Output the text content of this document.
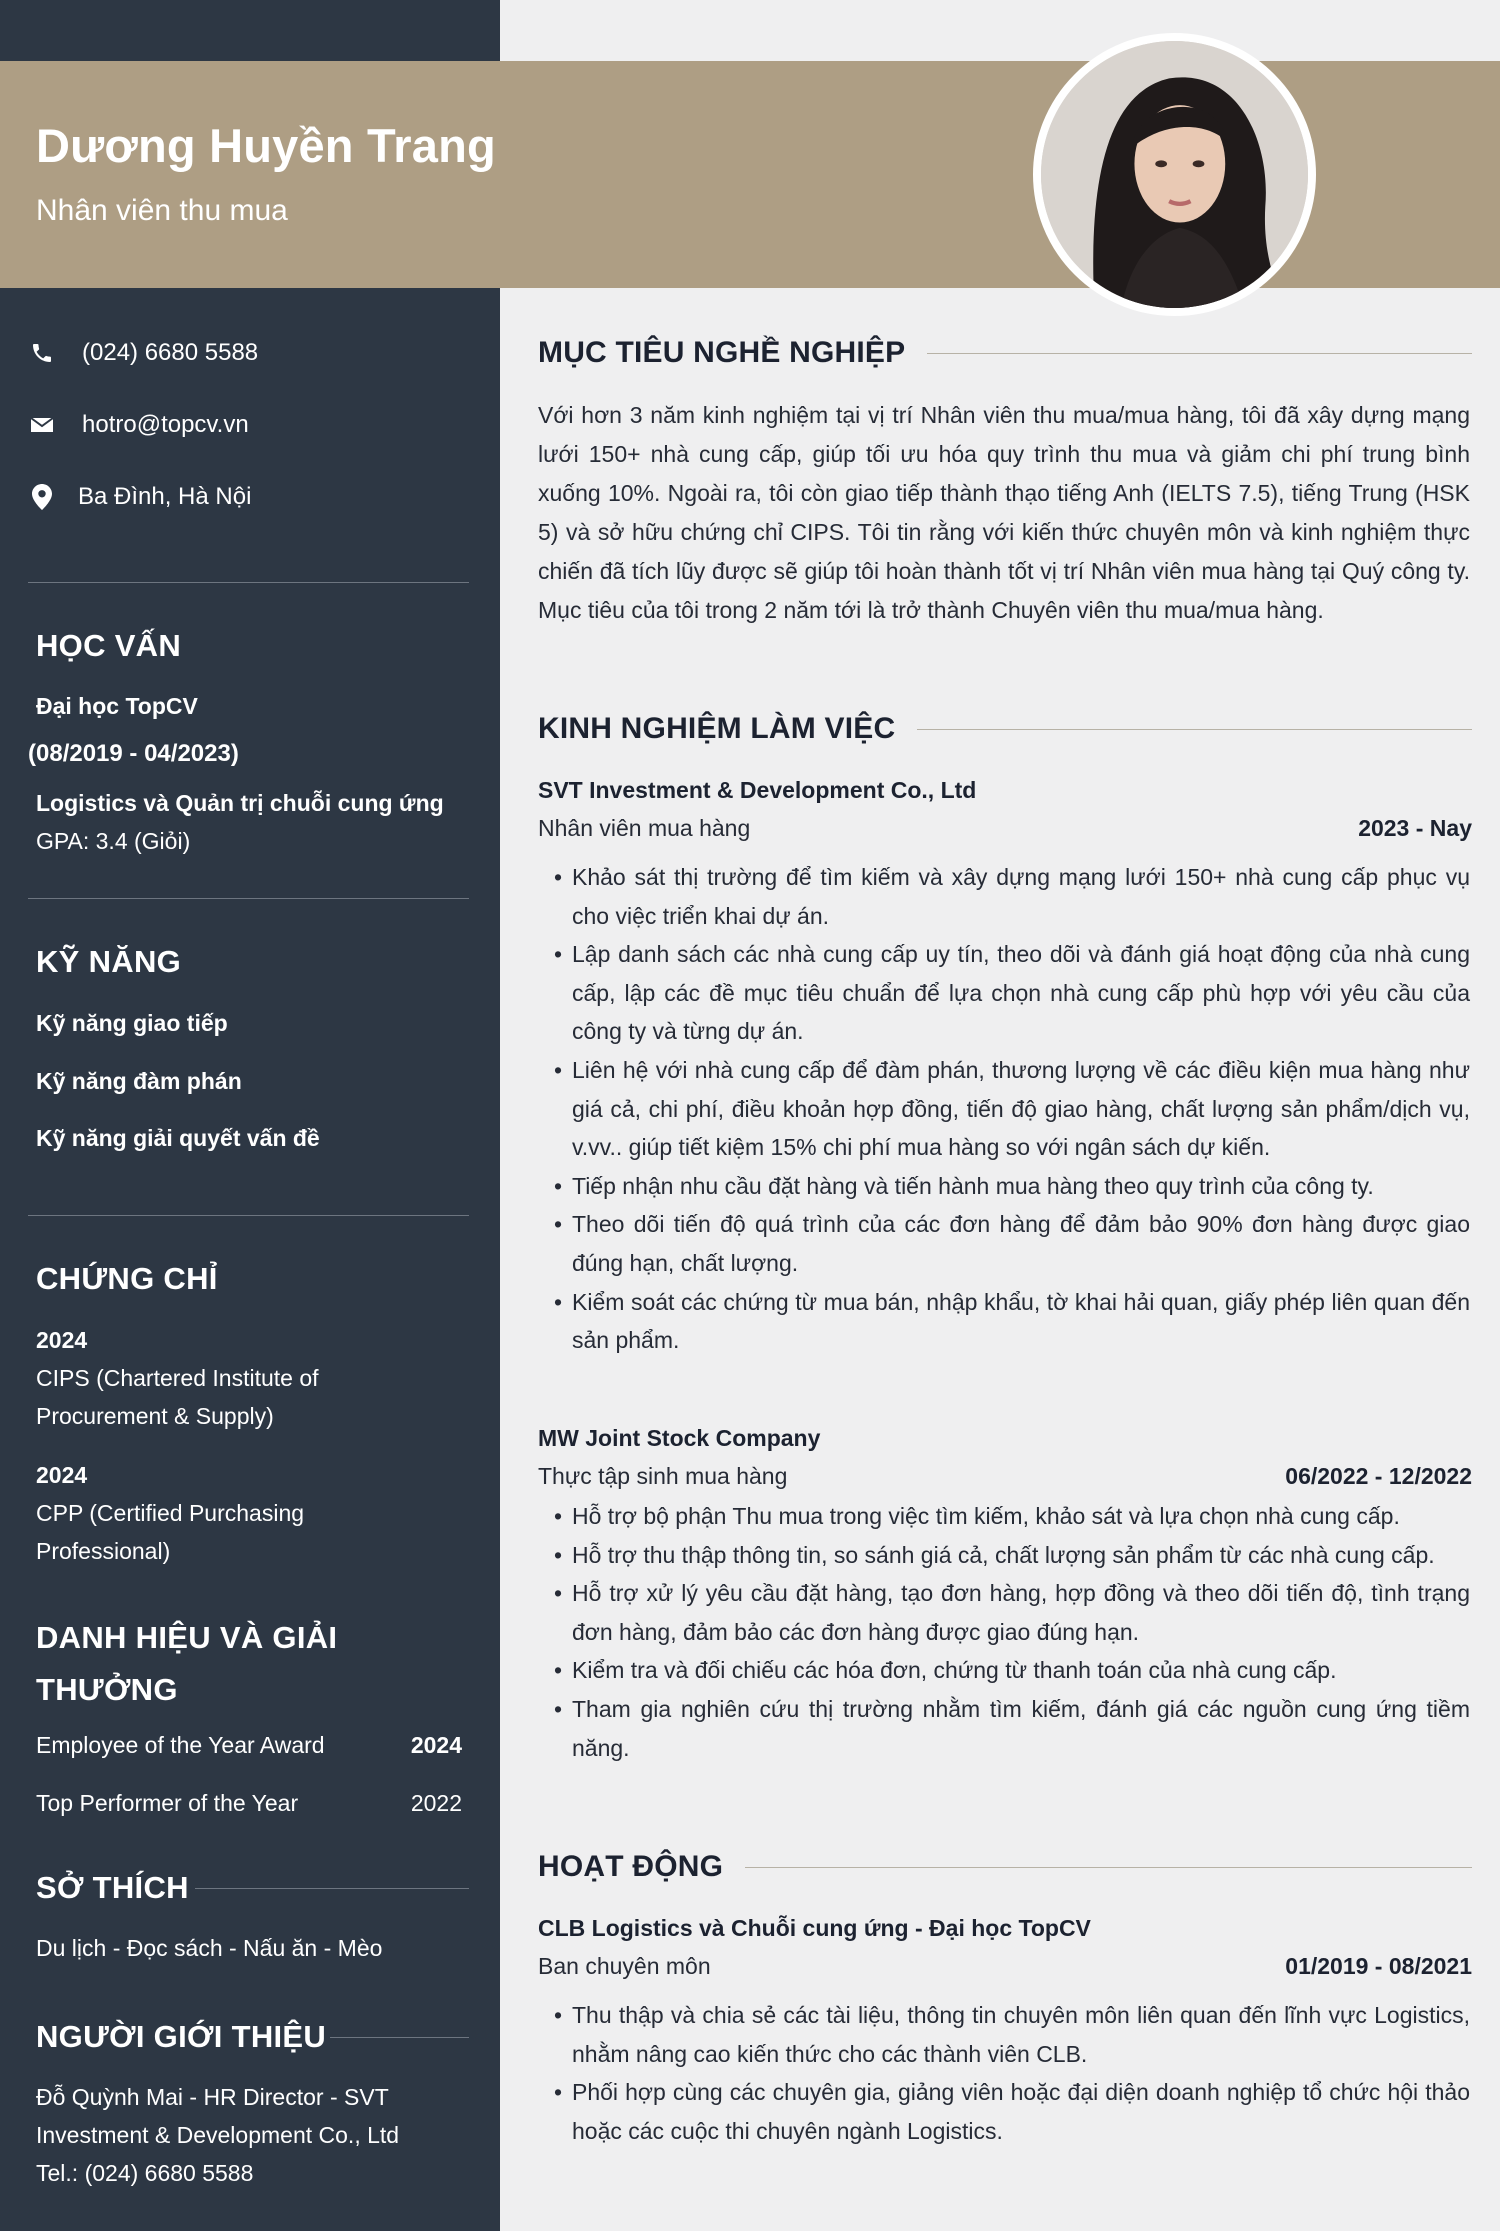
Dương Huyền Trang
Nhân viên thu mua
(024) 6680 5588
hotro@topcv.vn
Ba Đình, Hà Nội
HỌC VẤN
Đại học TopCV
(08/2019 - 04/2023)
Logistics và Quản trị chuỗi cung ứng
GPA: 3.4 (Giỏi)
KỸ NĂNG
Kỹ năng giao tiếp
Kỹ năng đàm phán
Kỹ năng giải quyết vấn đề
CHỨNG CHỈ
2024
CIPS (Chartered Institute of
Procurement & Supply)
2024
CPP (Certified Purchasing
Professional)
DANH HIỆU VÀ GIẢI
THƯỞNG
Employee of the Year Award	2024
Top Performer of the Year	2022
SỞ THÍCH
Du lịch - Đọc sách - Nấu ăn - Mèo
NGƯỜI GIỚI THIỆU
Đỗ Quỳnh Mai - HR Director - SVT
Investment & Development Co., Ltd
Tel.: (024) 6680 5588
MỤC TIÊU NGHỀ NGHIỆP
Với hơn 3 năm kinh nghiệm tại vị trí Nhân viên thu mua/mua hàng, tôi đã xây dựng mạng lưới 150+ nhà cung cấp, giúp tối ưu hóa quy trình thu mua và giảm chi phí trung bình xuống 10%. Ngoài ra, tôi còn giao tiếp thành thạo tiếng Anh (IELTS 7.5), tiếng Trung (HSK 5) và sở hữu chứng chỉ CIPS. Tôi tin rằng với kiến thức chuyên môn và kinh nghiệm thực chiến đã tích lũy được sẽ giúp tôi hoàn thành tốt vị trí Nhân viên mua hàng tại Quý công ty. Mục tiêu của tôi trong 2 năm tới là trở thành Chuyên viên thu mua/mua hàng.
KINH NGHIỆM LÀM VIỆC
SVT Investment & Development Co., Ltd
Nhân viên mua hàng	2023 - Nay
• Khảo sát thị trường để tìm kiếm và xây dựng mạng lưới 150+ nhà cung cấp phục vụ cho việc triển khai dự án.
• Lập danh sách các nhà cung cấp uy tín, theo dõi và đánh giá hoạt động của nhà cung cấp, lập các đề mục tiêu chuẩn để lựa chọn nhà cung cấp phù hợp với yêu cầu của công ty và từng dự án.
• Liên hệ với nhà cung cấp để đàm phán, thương lượng về các điều kiện mua hàng như giá cả, chi phí, điều khoản hợp đồng, tiến độ giao hàng, chất lượng sản phẩm/dịch vụ, v.vv.. giúp tiết kiệm 15% chi phí mua hàng so với ngân sách dự kiến.
• Tiếp nhận nhu cầu đặt hàng và tiến hành mua hàng theo quy trình của công ty.
• Theo dõi tiến độ quá trình của các đơn hàng để đảm bảo 90% đơn hàng được giao đúng hạn, chất lượng.
• Kiểm soát các chứng từ mua bán, nhập khẩu, tờ khai hải quan, giấy phép liên quan đến sản phẩm.
MW Joint Stock Company
Thực tập sinh mua hàng	06/2022 - 12/2022
• Hỗ trợ bộ phận Thu mua trong việc tìm kiếm, khảo sát và lựa chọn nhà cung cấp.
• Hỗ trợ thu thập thông tin, so sánh giá cả, chất lượng sản phẩm từ các nhà cung cấp.
• Hỗ trợ xử lý yêu cầu đặt hàng, tạo đơn hàng, hợp đồng và theo dõi tiến độ, tình trạng đơn hàng, đảm bảo các đơn hàng được giao đúng hạn.
• Kiểm tra và đối chiếu các hóa đơn, chứng từ thanh toán của nhà cung cấp.
• Tham gia nghiên cứu thị trường nhằm tìm kiếm, đánh giá các nguồn cung ứng tiềm năng.
HOẠT ĐỘNG
CLB Logistics và Chuỗi cung ứng - Đại học TopCV
Ban chuyên môn	01/2019 - 08/2021
• Thu thập và chia sẻ các tài liệu, thông tin chuyên môn liên quan đến lĩnh vực Logistics, nhằm nâng cao kiến thức cho các thành viên CLB.
• Phối hợp cùng các chuyên gia, giảng viên hoặc đại diện doanh nghiệp tổ chức hội thảo hoặc các cuộc thi chuyên ngành Logistics.
